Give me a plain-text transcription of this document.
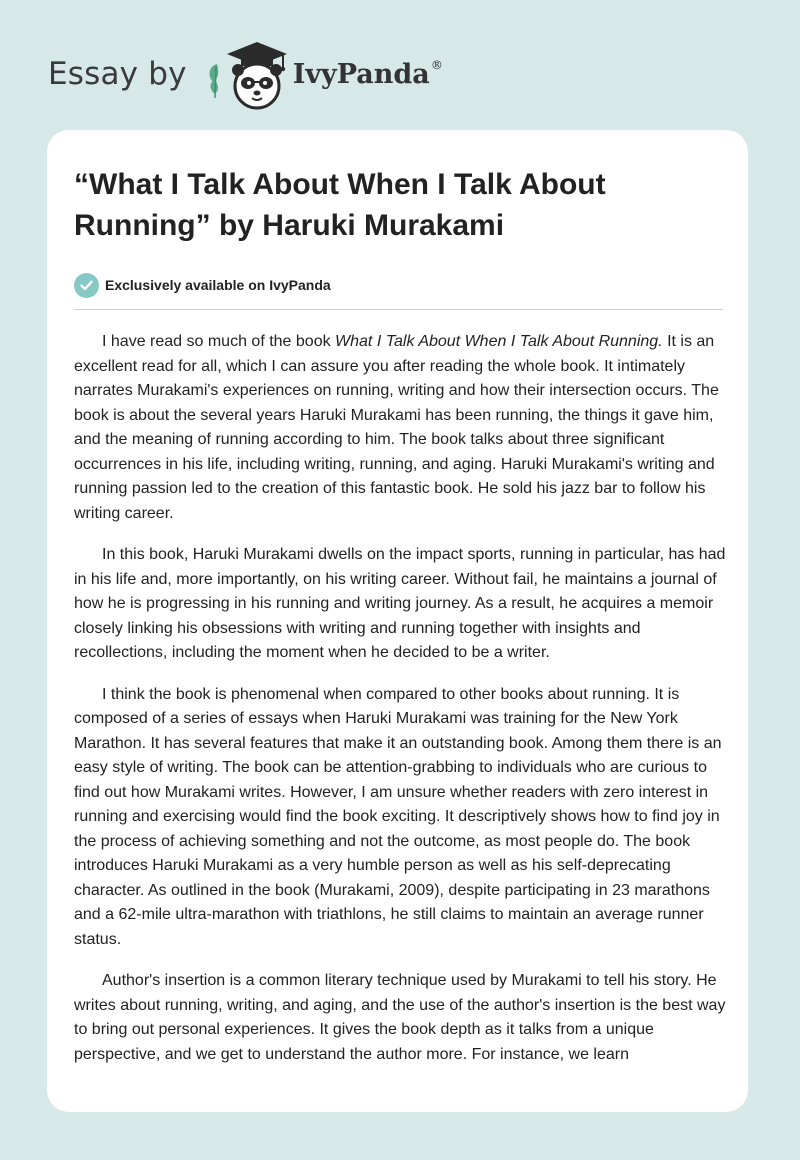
Essay by	IvyPanda®
“What I Talk About When I Talk About Running” by Haruki Murakami
Exclusively available on IvyPanda

I have read so much of the book What I Talk About When I Talk About Running. It is an excellent read for all, which I can assure you after reading the whole book. It intimately narrates Murakami's experiences on running, writing and how their intersection occurs. The book is about the several years Haruki Murakami has been running, the things it gave him, and the meaning of running according to him. The book talks about three significant occurrences in his life, including writing, running, and aging. Haruki Murakami's writing and running passion led to the creation of this fantastic book. He sold his jazz bar to follow his writing career.

In this book, Haruki Murakami dwells on the impact sports, running in particular, has had in his life and, more importantly, on his writing career. Without fail, he maintains a journal of how he is progressing in his running and writing journey. As a result, he acquires a memoir closely linking his obsessions with writing and running together with insights and recollections, including the moment when he decided to be a writer.

I think the book is phenomenal when compared to other books about running. It is composed of a series of essays when Haruki Murakami was training for the New York Marathon. It has several features that make it an outstanding book. Among them there is an easy style of writing. The book can be attention-grabbing to individuals who are curious to find out how Murakami writes. However, I am unsure whether readers with zero interest in running and exercising would find the book exciting. It descriptively shows how to find joy in the process of achieving something and not the outcome, as most people do. The book introduces Haruki Murakami as a very humble person as well as his self-deprecating character. As outlined in the book (Murakami, 2009), despite participating in 23 marathons and a 62-mile ultra-marathon with triathlons, he still claims to maintain an average runner status.

Author's insertion is a common literary technique used by Murakami to tell his story. He writes about running, writing, and aging, and the use of the author's insertion is the best way to bring out personal experiences. It gives the book depth as it talks from a unique perspective, and we get to understand the author more. For instance, we learn
